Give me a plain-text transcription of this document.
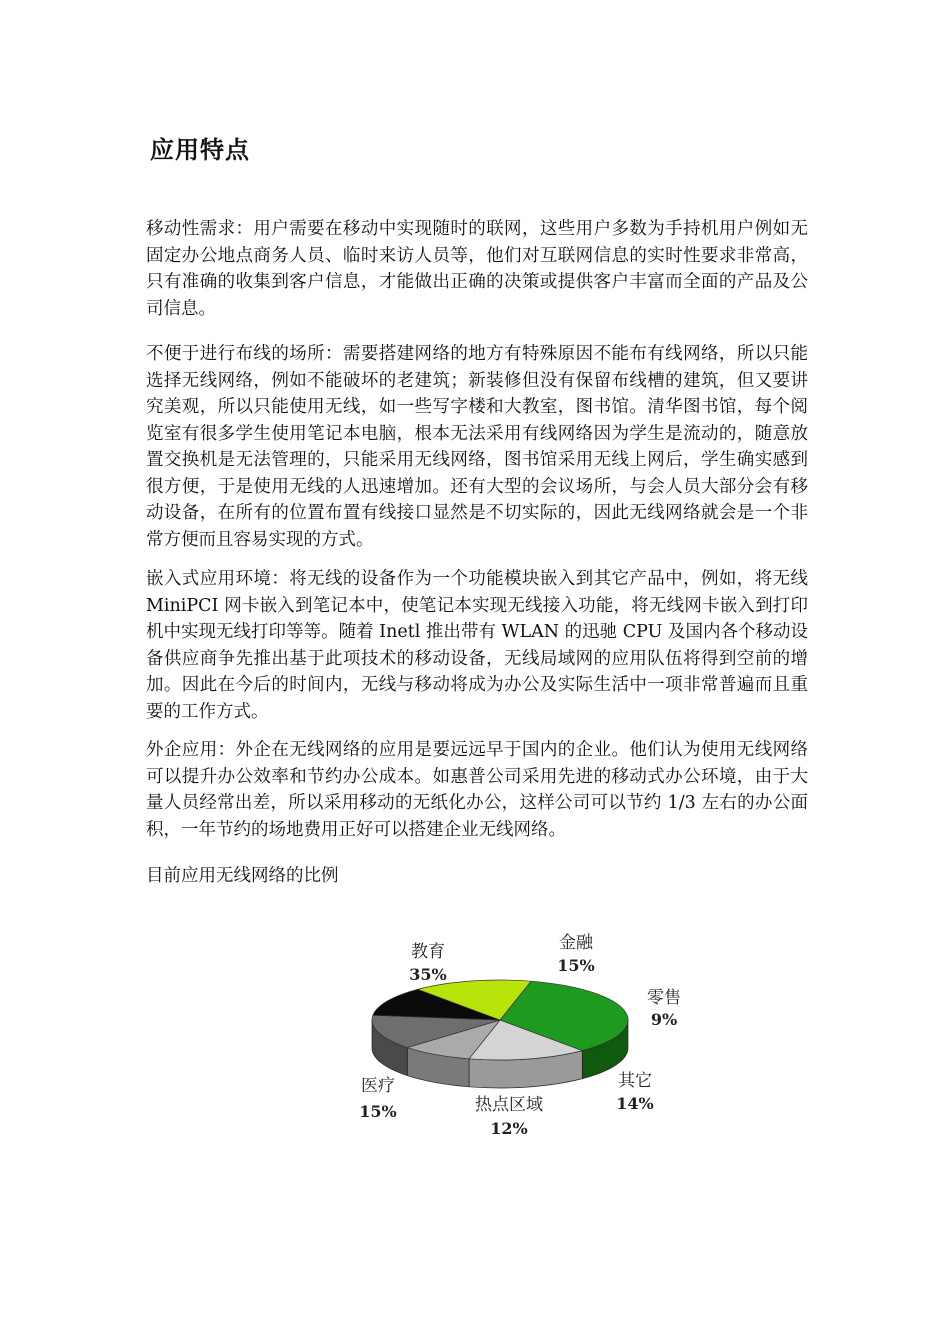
应用特点

移动性需求：用户需要在移动中实现随时的联网，这些用户多数为手持机用户例如无固定办公地点商务人员、临时来访人员等，他们对互联网信息的实时性要求非常高，只有准确的收集到客户信息，才能做出正确的决策或提供客户丰富而全面的产品及公司信息。

不便于进行布线的场所：需要搭建网络的地方有特殊原因不能布有线网络，所以只能选择无线网络，例如不能破坏的老建筑；新装修但没有保留布线槽的建筑，但又要讲究美观，所以只能使用无线，如一些写字楼和大教室，图书馆。清华图书馆，每个阅览室有很多学生使用笔记本电脑，根本无法采用有线网络因为学生是流动的，随意放置交换机是无法管理的，只能采用无线网络，图书馆采用无线上网后，学生确实感到很方便，于是使用无线的人迅速增加。还有大型的会议场所，与会人员大部分会有移动设备，在所有的位置布置有线接口显然是不切实际的，因此无线网络就会是一个非常方便而且容易实现的方式。

嵌入式应用环境：将无线的设备作为一个功能模块嵌入到其它产品中，例如，将无线 MiniPCI 网卡嵌入到笔记本中，使笔记本实现无线接入功能，将无线网卡嵌入到打印机中实现无线打印等等。随着 Inetl 推出带有 WLAN 的迅驰 CPU 及国内各个移动设备供应商争先推出基于此项技术的移动设备，无线局域网的应用队伍将得到空前的增加。因此在今后的时间内，无线与移动将成为办公及实际生活中一项非常普遍而且重要的工作方式。

外企应用：外企在无线网络的应用是要远远早于国内的企业。他们认为使用无线网络可以提升办公效率和节约办公成本。如惠普公司采用先进的移动式办公环境，由于大量人员经常出差，所以采用移动的无纸化办公，这样公司可以节约 1/3 左右的办公面积，一年节约的场地费用正好可以搭建企业无线网络。

目前应用无线网络的比例

教育
35%
金融
15%
零售
9%
其它
14%
热点区域
12%
医疗
15%
